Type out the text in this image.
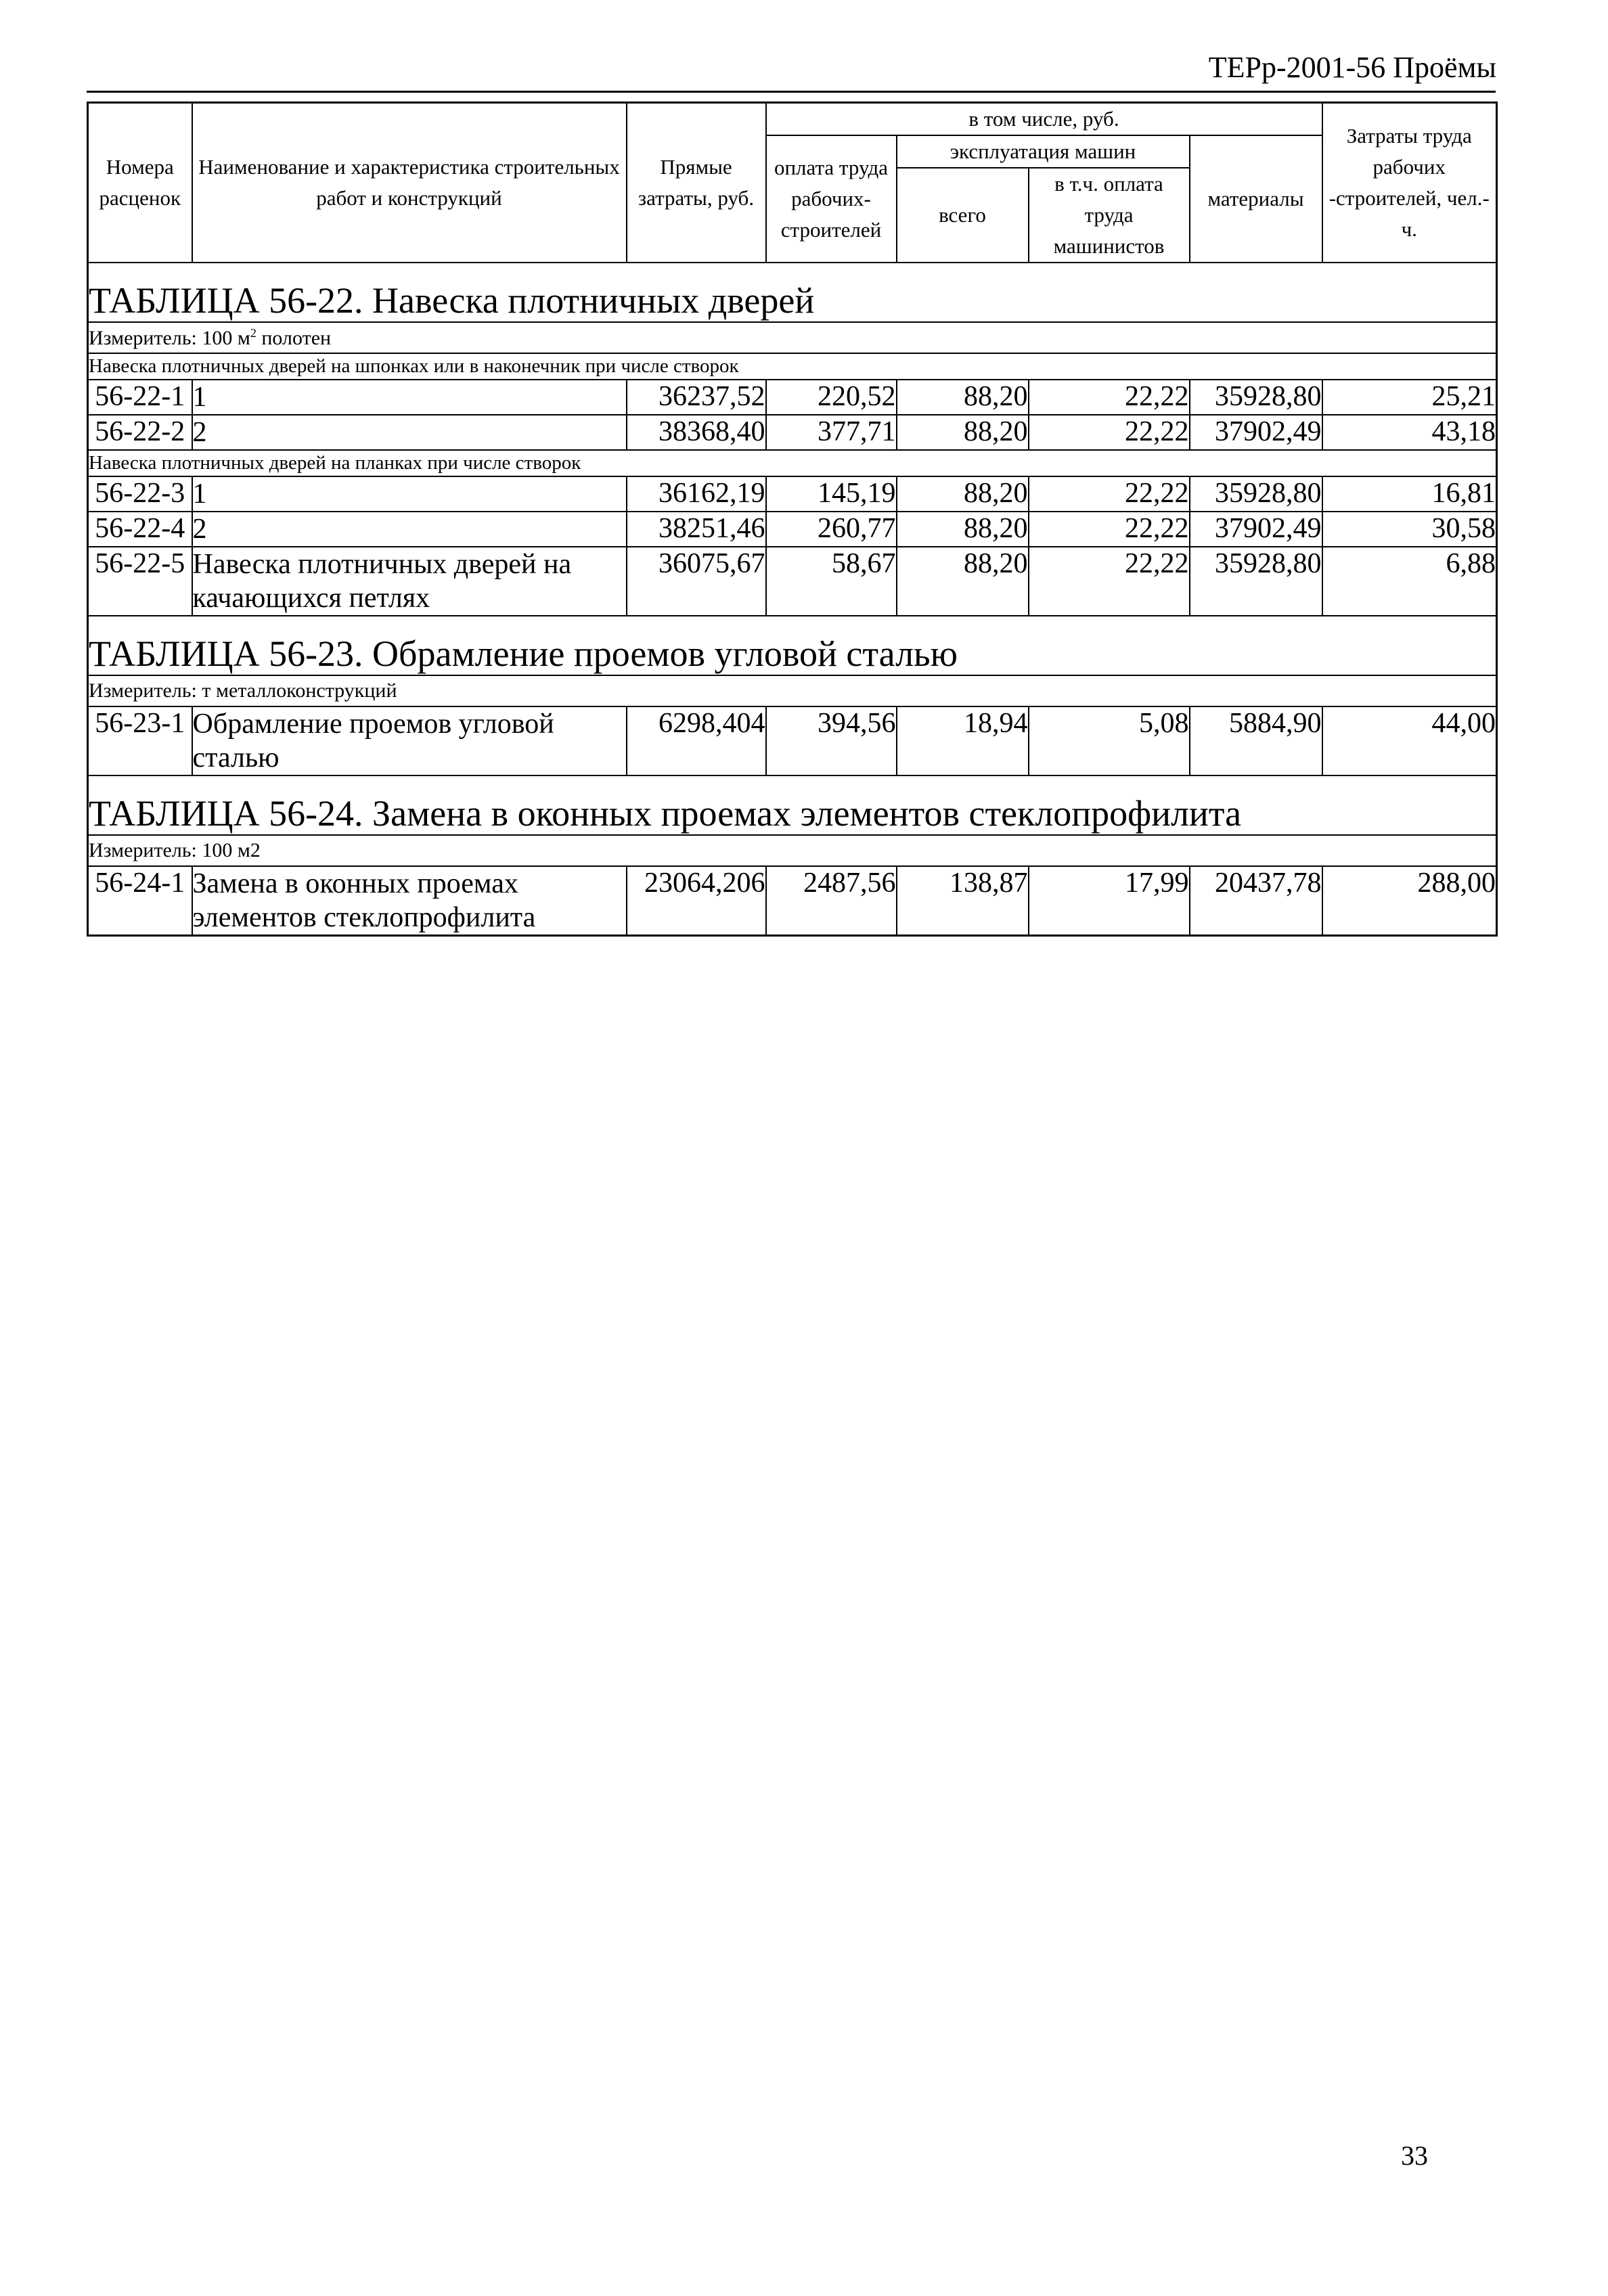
ТЕРр-2001-56 Проёмы
Номера расценок	Наименование и характеристика строительных работ и конструкций	Прямые затраты, руб.	в том числе, руб.				Затраты труда рабочих -строителей, чел.-ч.
			оплата труда рабочих-строителей	эксплуатация машин		материалы	
				всего	в т.ч. оплата труда машинистов		

ТАБЛИЦА 56-22. Навеска плотничных дверей							
Измеритель: 100 $м^2$ полотен							
Навеска плотничных дверей на шпонках или в наконечник при числе створок							
56-22-1	1	36237,52	220,52	88,20	22,22	35928,80	25,21
56-22-2	2	38368,40	377,71	88,20	22,22	37902,49	43,18
Навеска плотничных дверей на планках при числе створок							
56-22-3	1	36162,19	145,19	88,20	22,22	35928,80	16,81
56-22-4	2	38251,46	260,77	88,20	22,22	37902,49	30,58
56-22-5	Навеска плотничных дверей на качающихся петлях	36075,67	58,67	88,20	22,22	35928,80	6,88
ТАБЛИЦА 56-23. Обрамление проемов угловой сталью							
Измеритель: т металлоконструкций							
56-23-1	Обрамление проемов угловой сталью	6298,404	394,56	18,94	5,08	5884,90	44,00
ТАБЛИЦА 56-24. Замена в оконных проемах элементов стеклопрофилита							
Измеритель: 100 м2							
56-24-1	Замена в оконных проемах элементов стеклопрофилита	23064,206	2487,56	138,87	17,99	20437,78	288,00
33
